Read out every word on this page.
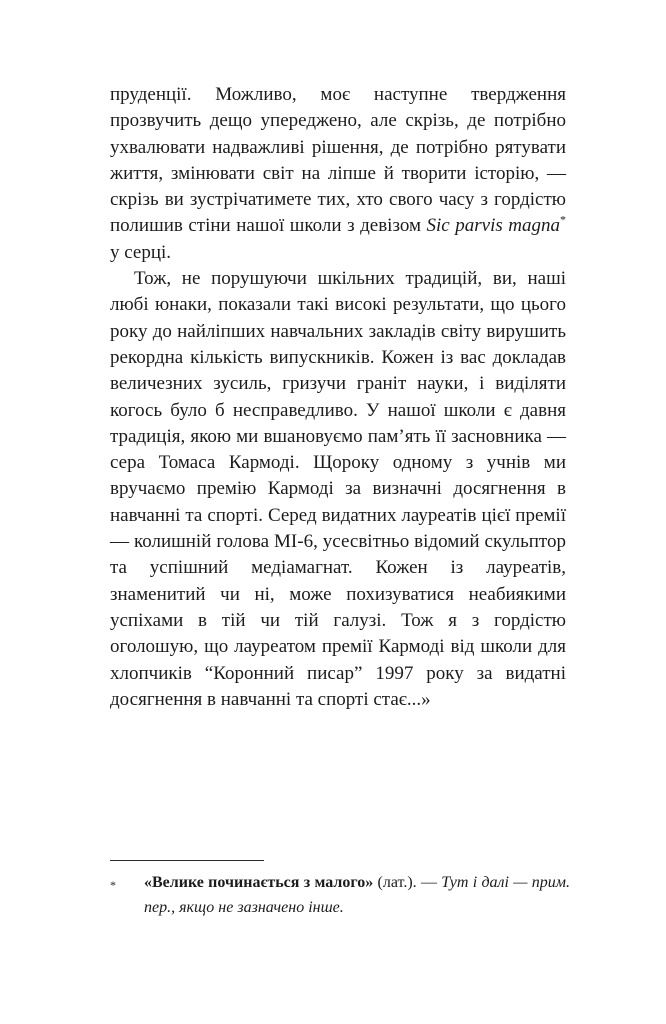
пруденції. Можливо, моє наступне твердження прозвучить дещо упереджено, але скрізь, де потрібно ухвалювати надважливі рішення, де потрібно рятувати життя, змінювати світ на ліпше й творити історію, — скрізь ви зустрічатимете тих, хто свого часу з гордістю полишив стіни нашої школи з девізом Sic parvis magna* у серці.

Тож, не порушуючи шкільних традицій, ви, наші любі юнаки, показали такі високі результати, що цього року до найліпших навчальних закладів світу вирушить рекордна кількість випускників. Кожен із вас докладав величезних зусиль, гризучи граніт науки, і виділяти когось було б несправедливо. У нашої школи є давня традиція, якою ми вшановуємо памʼять її засновника — сера Томаса Кармоді. Щороку одному з учнів ми вручаємо премію Кармоді за визначні досягнення в навчанні та спорті. Серед видатних лауреатів цієї премії — колишній голова МІ-6, усесвітньо відомий скульптор та успішний медіамагнат. Кожен із лауреатів, знаменитий чи ні, може похизуватися неабиякими успіхами в тій чи тій галузі. Тож я з гордістю оголошую, що лауреатом премії Кармоді від школи для хлопчиків “Коронний писар” 1997 року за видатні досягнення в навчанні та спорті стає...»

*	«Велике починається з малого» (лат.). — Тут і далі — прим. пер., якщо не зазначено інше.
